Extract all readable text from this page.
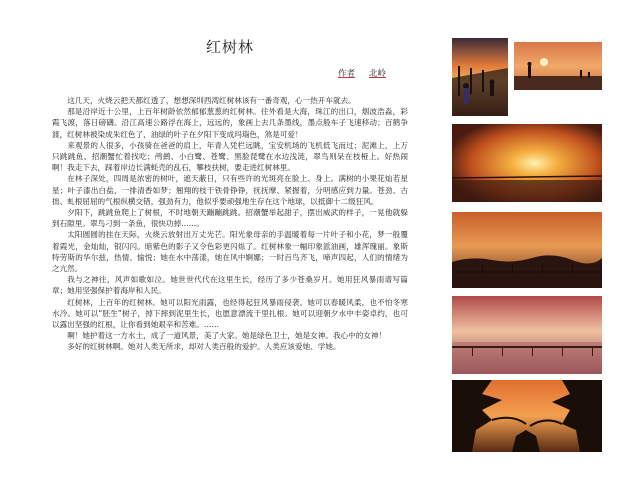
红树林
作者 北岭

这几天，火烧云把天都红透了，想想深圳西湾红树林该有一番奇观，心一热开车就去。

那是沿岸近十公里，上百年树龄依然郁郁葱葱的红树林。往外看是大海，珠江的出口，烟波浩淼，彩霞飞渡，落日磅礴。沿江高速公路浮在海上，远远的，象画上去几条墨线，墨点般车子飞速移动；百鹤争渡，红树林被染成朱红色了，油绿的叶子在夕阳下变成玛瑙色，煞是可爱！

来观景的人很多，小孩骑在爸爸的肩上，年青人凭栏远眺，宝安机场的飞机低飞而过；泥滩上，上万只跳跳鱼、招潮蟹忙着找吃；鸬鹚、小白鹭、苍鹭、黑脸琵鹭在水边浅涟，翠鸟则呆在枝桠上。好热闹啊！我走下去，踩着岸边长满蚝壳的乱石，攀枝扶树，要走进红树林里。

在林子深处，四周是浓密的树叶，遮天蔽日，只有些许的光斑亮在脸上、身上。满树的小果花灿若星星；叶子漆出白盐，一排清香如梦；翘翔的枝干铁骨铮铮，抚抚摩、紧握着，分明感应到力量。苍劲、古拙、虬根屈屈的气根纵横交错，强劲有力，他似乎要顽强地生存在这个地球，以抵御十二级狂风。

夕阳下，跳跳鱼爬上了树根，不时地朝天蹦蹦跳跳。招潮蟹举起甜子，摆出威武的样子，一晃他就躲到石隙里。翠鸟刁到一条鱼，很快功掉……。

太阳圆圆的挂在天际，火烧云放射出万丈光芒。阳光象母亲的手温暖着每一片叶子和小花，梦一般覆着霞光，金灿灿，银闪闪。暗紫色的影子又令色彩更闪烁了。红树林象一幅印象派油画，雄浑瑰丽。象斯特劳斯的华尔兹，热情、愉悦；她在水中荡漾，她在风中婀娜；一时百鸟齐飞，啼声四起，人们的情绪为之亢然。

我与之神往，风声如歌如泣。她世世代代在这里生长，经历了多少苍桑岁月。她用狂风暴雨谱写篇章；她用坚强保护着海岸和人民。

红树林，上百年的红树林。她可以阳光雨露，也经得起狂风暴雨侵袭。她可以春暖风柔，也不怕冬寒水冷。她可以“胚生”树子，掉下摔到泥里生长，也愿意漂流千里扎根。她可以迎朝夕水中丰姿卓约，也可以露出坚强的红根，让你看到她艰辛和苦难。……

啊！她护着这一方水土，成了一道风景，美了大家。她是绿色卫士，她是女神。我心中的女神！

多好的红树林啊。她对人类无所求，却对人类百般的爱护。人类应该爱她、学她。
